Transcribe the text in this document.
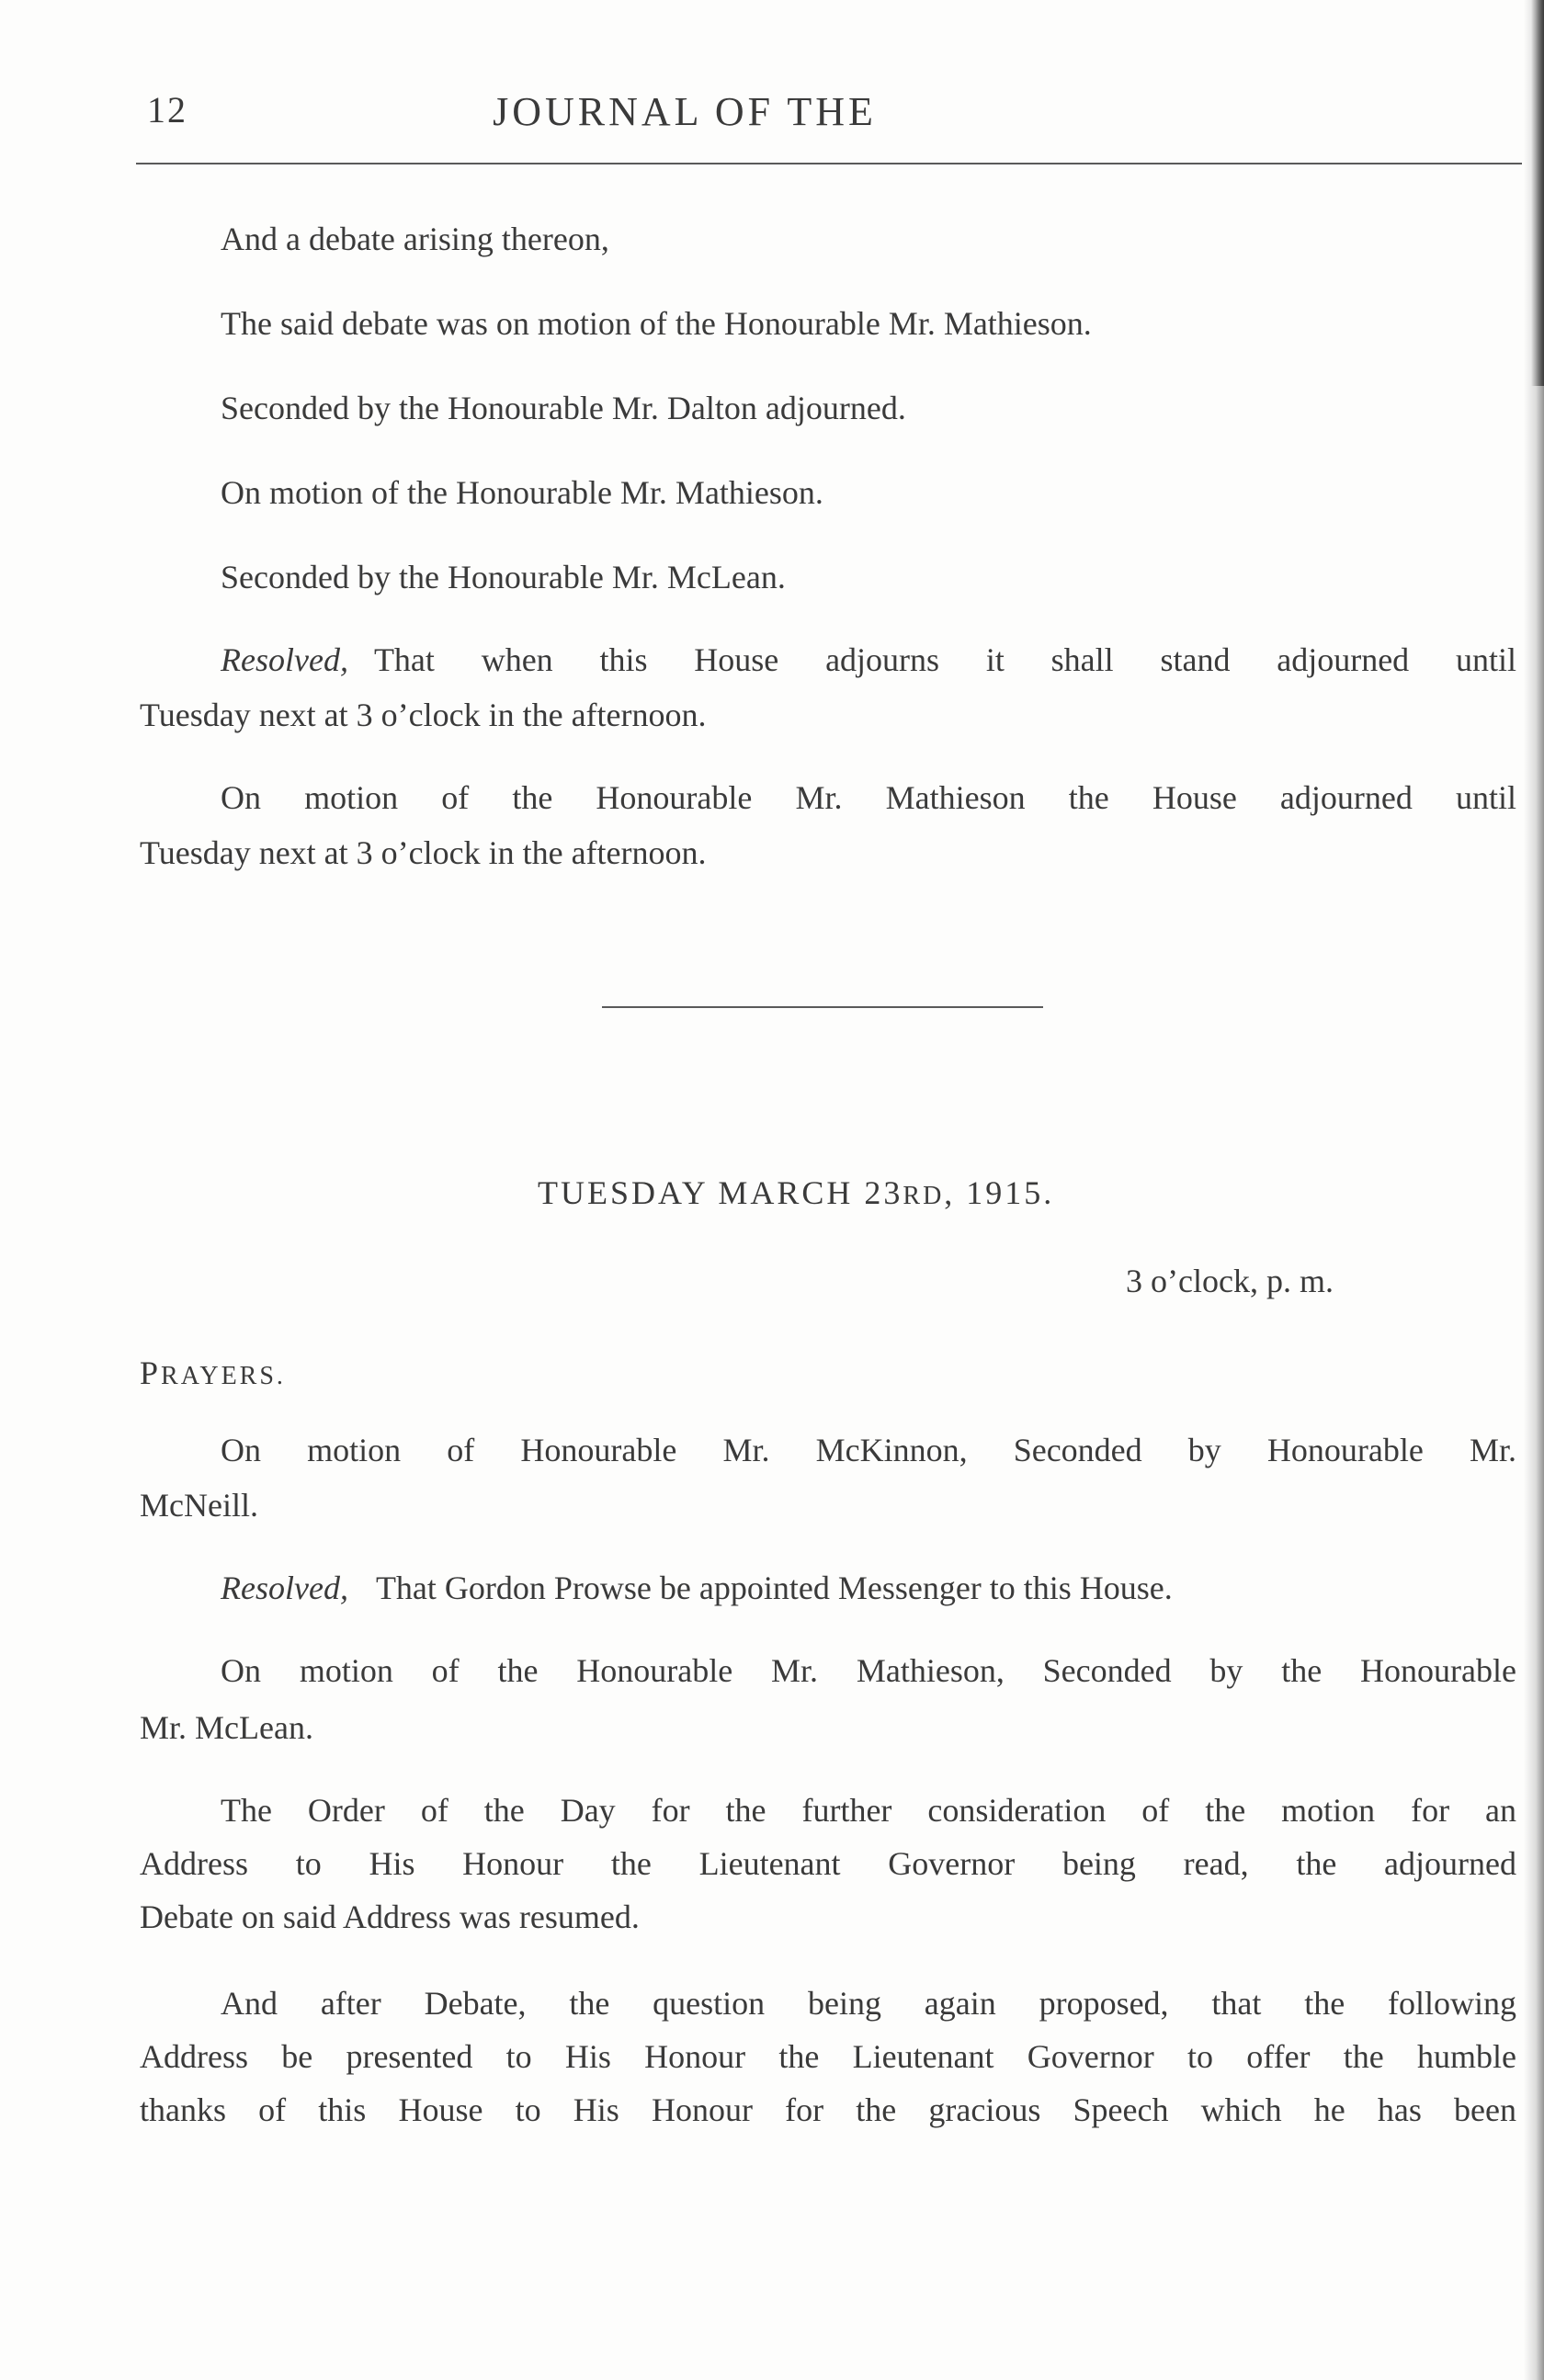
12	JOURNAL OF THE
And a debate arising thereon,
The said debate was on motion of the Honourable Mr. Mathieson.
Seconded by the Honourable Mr. Dalton adjourned.
On motion of the Honourable Mr. Mathieson.
Seconded by the Honourable Mr. McLean.
Resolved, That when this House adjourns it shall stand adjourned until
Tuesday next at 3 o’clock in the afternoon.
On motion of the Honourable Mr. Mathieson the House adjourned until
Tuesday next at 3 o’clock in the afternoon.
TUESDAY MARCH 23RD, 1915.
3 o’clock, p. m.
PRAYERS.
On motion of Honourable Mr. McKinnon, Seconded by Honourable Mr.
McNeill.
Resolved, That Gordon Prowse be appointed Messenger to this House.
On motion of the Honourable Mr. Mathieson, Seconded by the Honourable
Mr. McLean.
The Order of the Day for the further consideration of the motion for an
Address to His Honour the Lieutenant Governor being read, the adjourned
Debate on said Address was resumed.
And after Debate, the question being again proposed, that the following
Address be presented to His Honour the Lieutenant Governor to offer the humble
thanks of this House to His Honour for the gracious Speech which he has been
